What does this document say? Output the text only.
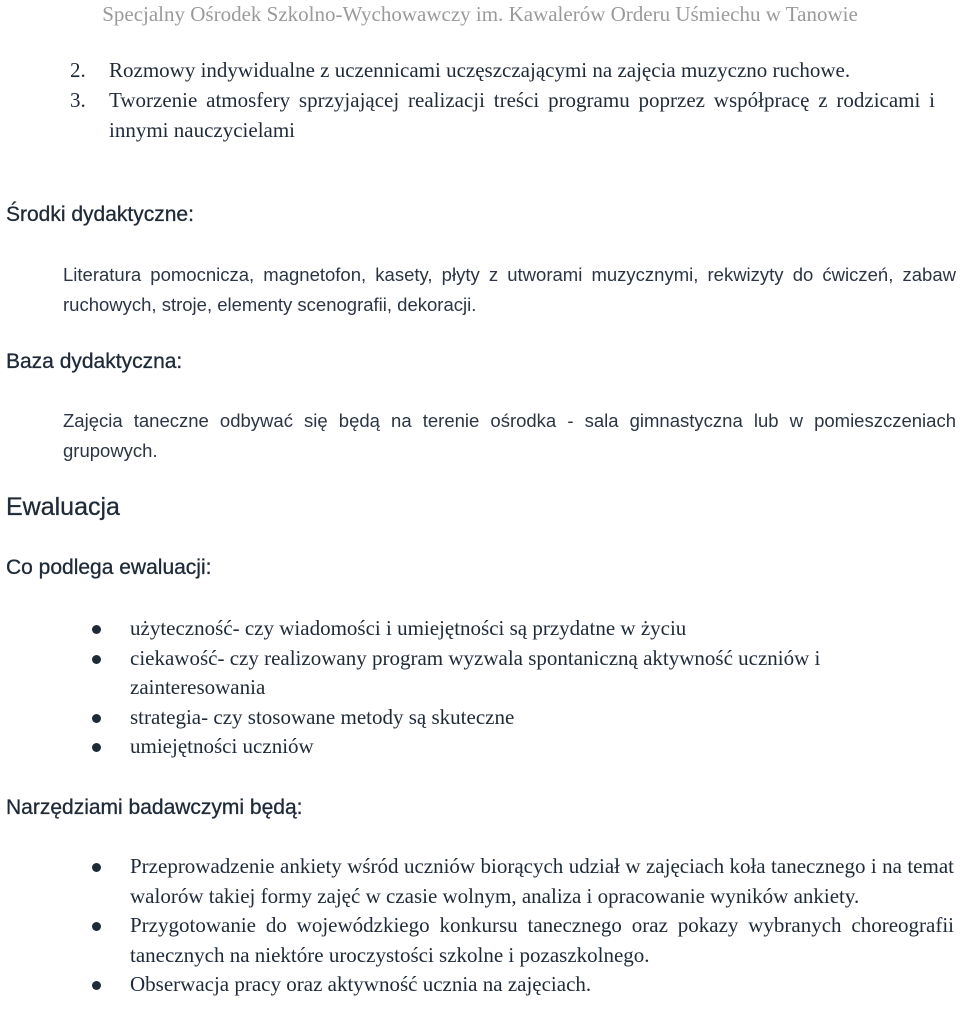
Specjalny Ośrodek Szkolno-Wychowawczy im. Kawalerów Orderu Uśmiechu w Tanowie
2. Rozmowy indywidualne z uczennicami uczęszczającymi na zajęcia muzyczno ruchowe.
3. Tworzenie atmosfery sprzyjającej realizacji treści programu poprzez współpracę z rodzicami i innymi nauczycielami
Środki dydaktyczne:
Literatura pomocnicza, magnetofon, kasety, płyty z utworami muzycznymi, rekwizyty do ćwiczeń, zabaw ruchowych, stroje, elementy scenografii, dekoracji.
Baza dydaktyczna:
Zajęcia taneczne odbywać się będą na terenie ośrodka - sala gimnastyczna lub w pomieszczeniach grupowych.
Ewaluacja
Co podlega ewaluacji:
użyteczność- czy wiadomości i umiejętności są przydatne w życiu
ciekawość- czy realizowany program wyzwala spontaniczną aktywność uczniów i zainteresowania
strategia- czy stosowane metody są skuteczne
umiejętności uczniów
Narzędziami badawczymi będą:
Przeprowadzenie ankiety wśród uczniów biorących udział w zajęciach koła tanecznego i na temat walorów takiej formy zajęć w czasie wolnym, analiza i opracowanie wyników ankiety.
Przygotowanie do wojewódzkiego konkursu tanecznego oraz pokazy wybranych choreografii tanecznych na niektóre uroczystości szkolne i pozaszkolnego.
Obserwacja pracy oraz aktywność ucznia na zajęciach.
